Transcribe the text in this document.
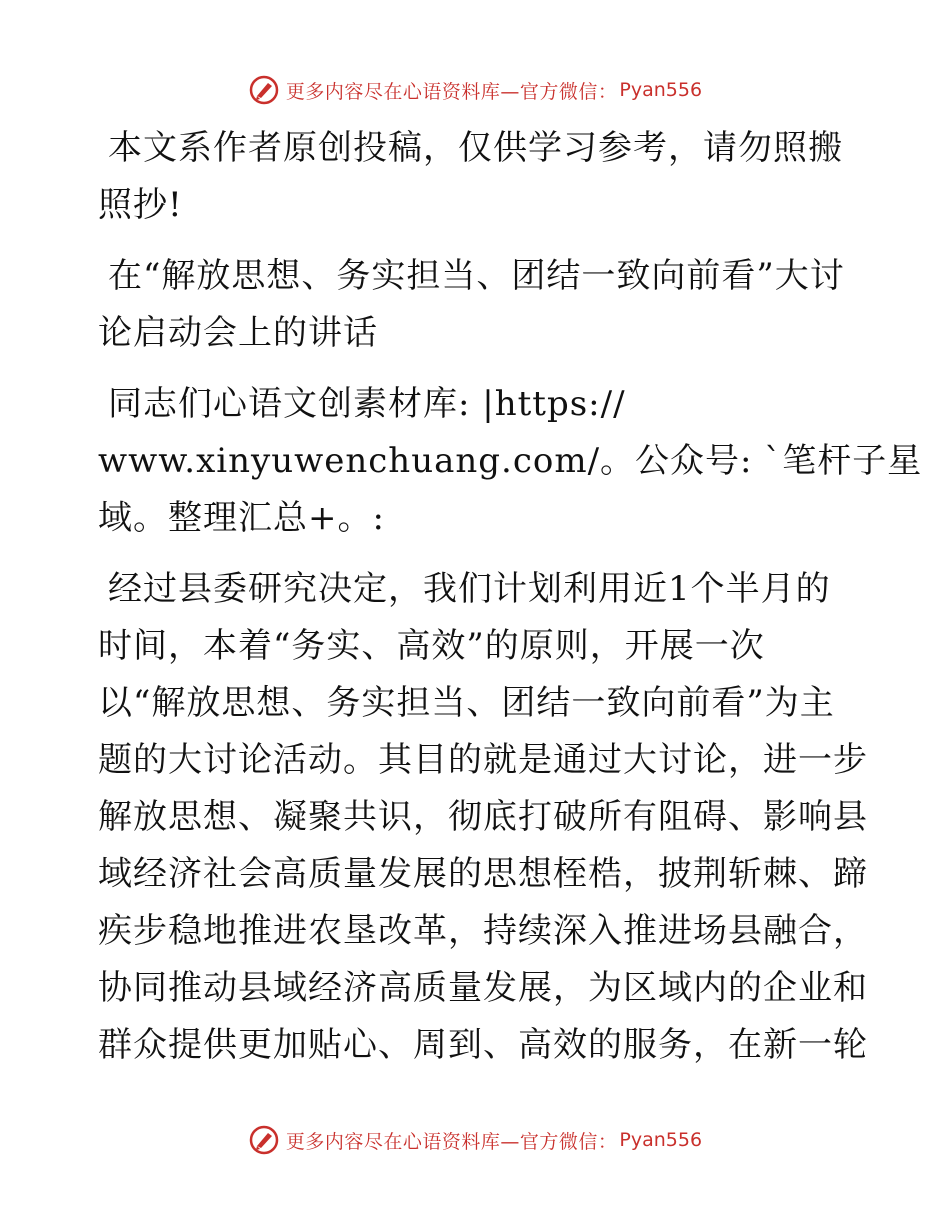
更多内容尽在心语资料库—官方微信： Pyan556

本文系作者原创投稿，仅供学习参考，请勿照搬照抄!

在“解放思想、务实担当、团结一致向前看”大讨论启动会上的讲话

同志们心语文创素材库: |https://
www.xinyuwenchuang.com/。公众号: `笔杆子星
域。整理汇总+。:

经过县委研究决定，我们计划利用近1个半月的
时间，本着“务实、高效”的原则，开展一次
以“解放思想、务实担当、团结一致向前看”为主
题的大讨论活动。其目的就是通过大讨论，进一步
解放思想、凝聚共识，彻底打破所有阻碍、影响县
域经济社会高质量发展的思想桎梏，披荆斩棘、蹄
疾步稳地推进农垦改革，持续深入推进场县融合，
协同推动县域经济高质量发展，为区域内的企业和
群众提供更加贴心、周到、高效的服务，在新一轮

更多内容尽在心语资料库—官方微信： Pyan556
